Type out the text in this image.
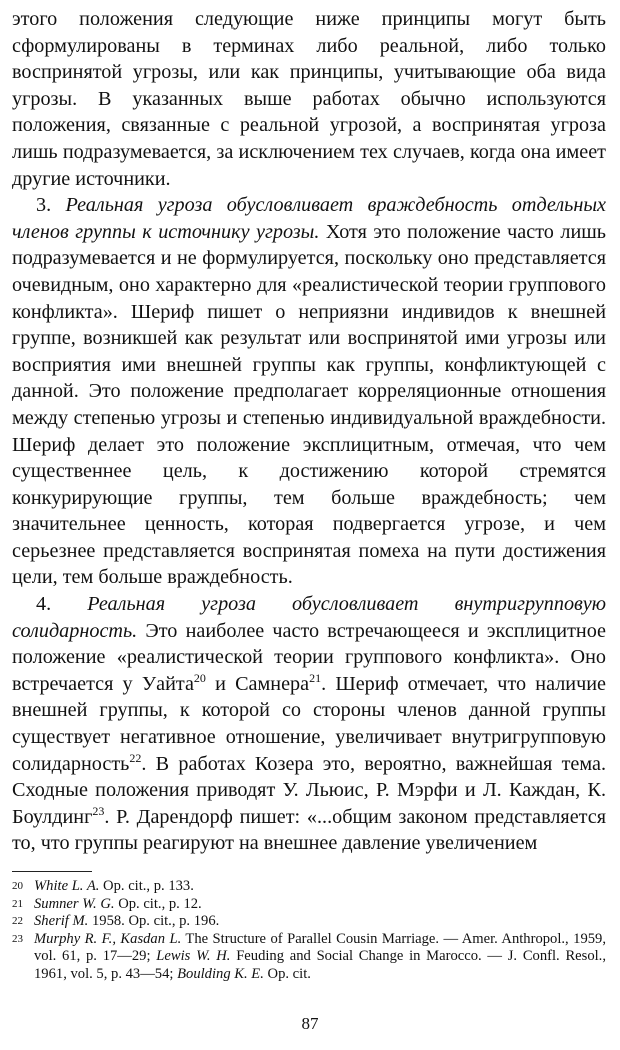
этого положения следующие ниже принципы могут быть сформулированы в терминах либо реальной, либо только воспринятой угрозы, или как принципы, учитывающие оба вида угрозы. В указанных выше работах обычно используются положения, связанные с реальной угрозой, а воспринятая угроза лишь подразумевается, за исключением тех случаев, когда она имеет другие источники.

3. Реальная угроза обусловливает враждебность отдельных членов группы к источнику угрозы. Хотя это положение часто лишь подразумевается и не формулируется, поскольку оно представляется очевидным, оно характерно для «реалистической теории группового конфликта». Шериф пишет о неприязни индивидов к внешней группе, возникшей как результат или воспринятой ими угрозы или восприятия ими внешней группы как группы, конфликтующей с данной. Это положение предполагает корреляционные отношения между степенью угрозы и степенью индивидуальной враждебности. Шериф делает это положение эксплицитным, отмечая, что чем существеннее цель, к достижению которой стремятся конкурирующие группы, тем больше враждебность; чем значительнее ценность, которая подвергается угрозе, и чем серьезнее представляется воспринятая помеха на пути достижения цели, тем больше враждебность.

4. Реальная угроза обусловливает внутригрупповую солидарность. Это наиболее часто встречающееся и эксплицитное положение «реалистической теории группового конфликта». Оно встречается у Уайта$^{20}$ и Самнера$^{21}$. Шериф отмечает, что наличие внешней группы, к которой со стороны членов данной группы существует негативное отношение, увеличивает внутригрупповую солидарность$^{22}$. В работах Козера это, вероятно, важнейшая тема. Сходные положения приводят У. Льюис, Р. Мэрфи и Л. Каждан, К. Боулдинг$^{23}$. Р. Дарендорф пишет: «...общим законом представляется то, что группы реагируют на внешнее давление увеличением

20 White L. A. Op. cit., p. 133.
21 Sumner W. G. Op. cit., p. 12.
22 Sherif M. 1958. Op. cit., p. 196.
23 Murphy R. F., Kasdan L. The Structure of Parallel Cousin Marriage. — Amer. Anthropol., 1959, vol. 61, p. 17—29; Lewis W. H. Feuding and Social Change in Marocco. — J. Confl. Resol., 1961, vol. 5, p. 43—54; Boulding K. E. Op. cit.
87
